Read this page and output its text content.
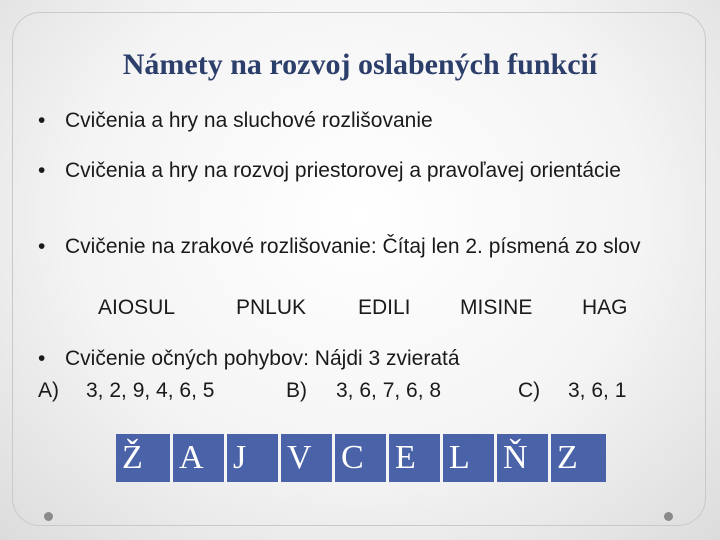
Námety na rozvoj oslabených funkcií
• Cvičenia a hry na sluchové rozlišovanie
• Cvičenia a hry na rozvoj priestorovej a pravoľavej orientácie
• Cvičenie na zrakové rozlišovanie: Čítaj len 2. písmená zo slov
AIOSUL	PNLUK EDILI MISINE HAG
• Cvičenie očných pohybov: Nájdi 3 zvieratá
A) 3, 2, 9, 4, 6, 5	B) 3, 6, 7, 6, 8	C) 3, 6, 1
Ž	A J	V C E L Ň Z
